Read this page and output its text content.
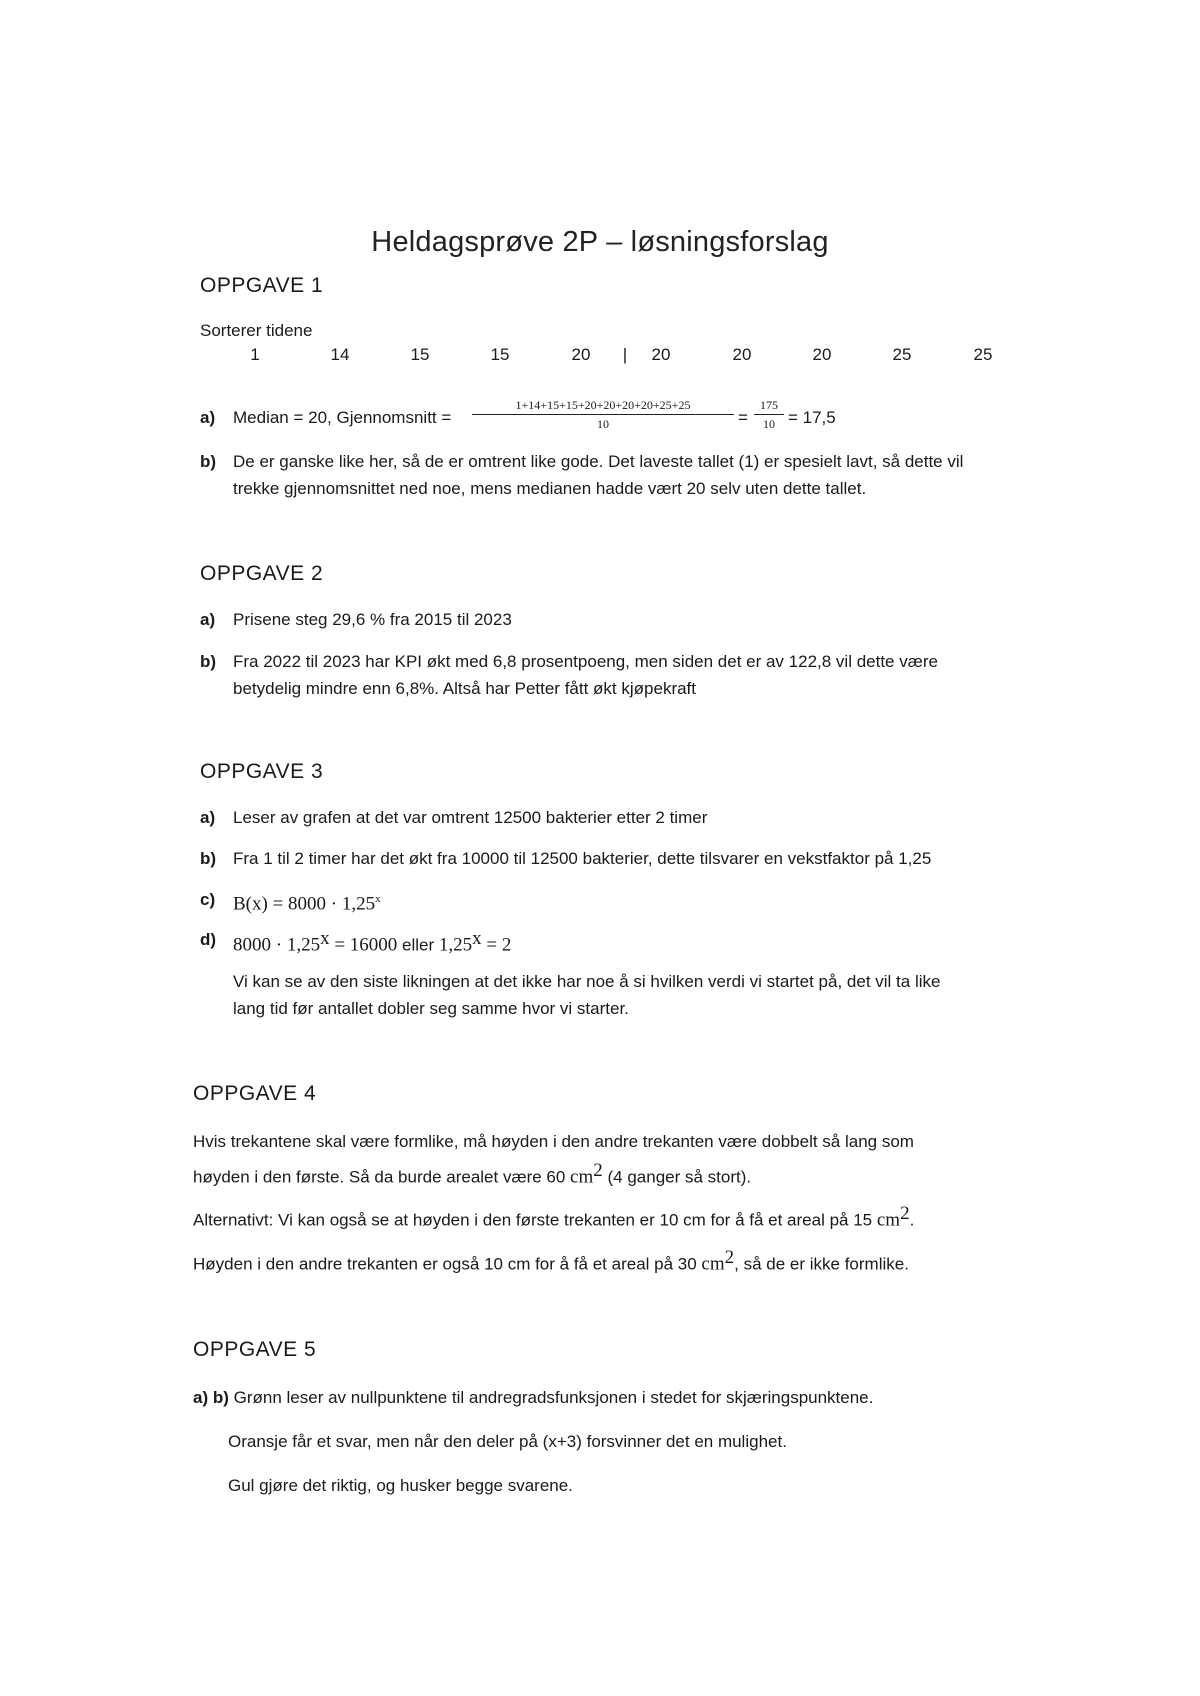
Heldagsprøve 2P – løsningsforslag
OPPGAVE 1
Sorterer tidene
1	14	15	15	20	|	20	20	20	25	25
a) Median = 20, Gjennomsnitt =
1+14+15+15+20+20+20+20+25+25
10	=
175
10 = 17,5
b) De er ganske like her, så de er omtrent like gode. Det laveste tallet (1) er spesielt lavt, så dette vil
trekke gjennomsnittet ned noe, mens medianen hadde vært 20 selv uten dette tallet.
OPPGAVE 2
a) Prisene steg 29,6 % fra 2015 til 2023
b) Fra 2022 til 2023 har KPI økt med 6,8 prosentpoeng, men siden det er av 122,8 vil dette være
betydelig mindre enn 6,8%. Altså har Petter fått økt kjøpekraft
OPPGAVE 3
a) Leser av grafen at det var omtrent 12500 bakterier etter 2 timer
b) Fra 1 til 2 timer har det økt fra 10000 til 12500 bakterier, dette tilsvarer en vekstfaktor på 1,25
c) $B(x) = 8000 \cdot 1,25^x$
d) $8000 \cdot 1,25^x = 16000$ eller $1,25^x = 2$
Vi kan se av den siste likningen at det ikke har noe å si hvilken verdi vi startet på, det vil ta like
lang tid før antallet dobler seg samme hvor vi starter.
OPPGAVE 4
Hvis trekantene skal være formlike, må høyden i den andre trekanten være dobbelt så lang som
høyden i den første. Så da burde arealet være 60 $cm^2$ (4 ganger så stort).
Alternativt: Vi kan også se at høyden i den første trekanten er 10 cm for å få et areal på 15 $cm^2$.
Høyden i den andre trekanten er også 10 cm for å få et areal på 30 $cm^2$, så de er ikke formlike.
OPPGAVE 5
a) b) Grønn leser av nullpunktene til andregradsfunksjonen i stedet for skjæringspunktene.
Oransje får et svar, men når den deler på (x+3) forsvinner det en mulighet.
Gul gjøre det riktig, og husker begge svarene.
